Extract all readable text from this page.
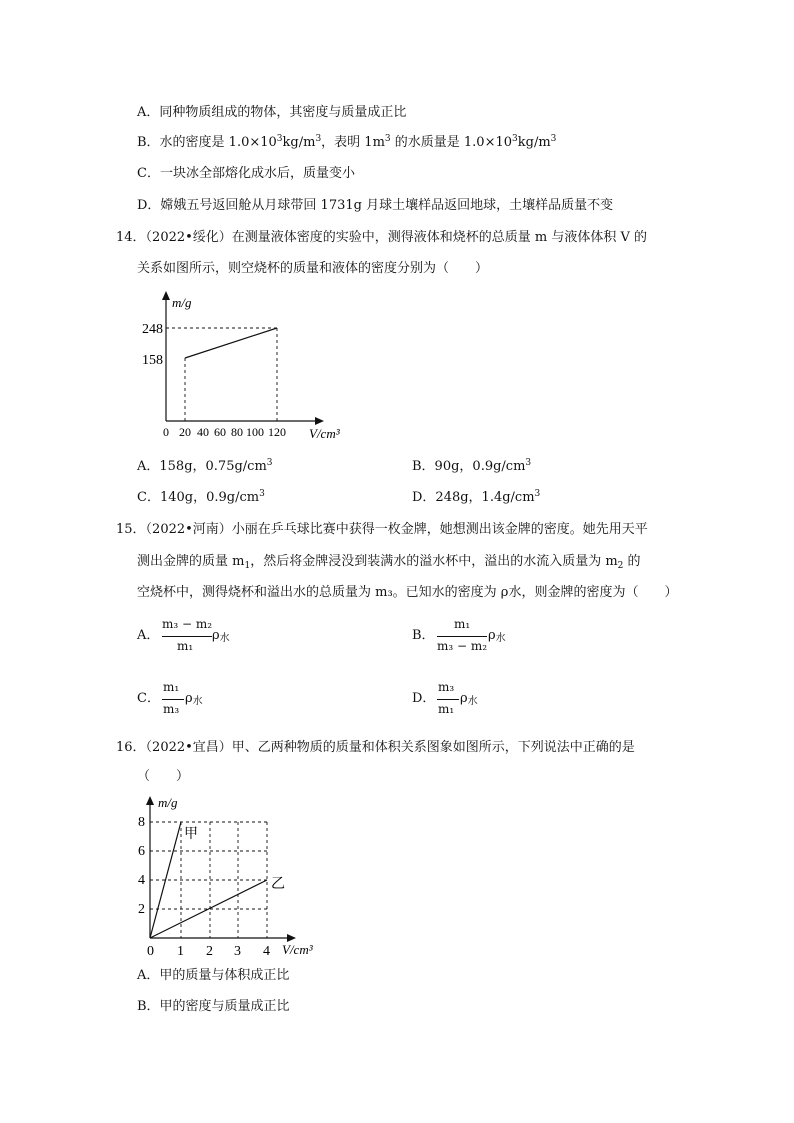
A．同种物质组成的物体，其密度与质量成正比
B．水的密度是 $1.0\times 10^3kg/m^3$，表明 $1m^3$ 的水质量是 $1.0\times 10^3kg/m^3$
C．一块冰全部熔化成水后，质量变小
D．嫦娥五号返回舱从月球带回 1731g 月球土壤样品返回地球，土壤样品质量不变
14．（2022•绥化）在测量液体密度的实验中，测得液体和烧杯的总质量 m 与液体体积 V 的
关系如图所示，则空烧杯的质量和液体的密度分别为（　　）
m/g
248
158
0 20 40 60 80 100 120 V/cm³
A．158g，$0.75g/cm^3$	B．90g，$0.9g/cm^3$
C．140g，$0.9g/cm^3$	D．248g，$1.4g/cm^3$
15．（2022•河南）小丽在乒乓球比赛中获得一枚金牌，她想测出该金牌的密度。她先用天平
测出金牌的质量 $m_1$，然后将金牌浸没到装满水的溢水杯中，溢出的水流入质量为 $m_2$ 的
空烧杯中，测得烧杯和溢出水的总质量为 m₃。已知水的密度为 ρ水，则金牌的密度为（　　）
A．
m₃ − m₂
m₁
$\rho_水$	B．
m₁
m₃ − m₂
$\rho_水$
C．
m₁
m₃
$\rho_水$	D．
m₃
m₁
$\rho_水$
16．（2022•宜昌）甲、乙两种物质的质量和体积关系图象如图所示，下列说法中正确的是
（　　）
m/g
8
6
4
2
0 1 2 3 4 V/cm³
甲
乙
A．甲的质量与体积成正比
B．甲的密度与质量成正比
